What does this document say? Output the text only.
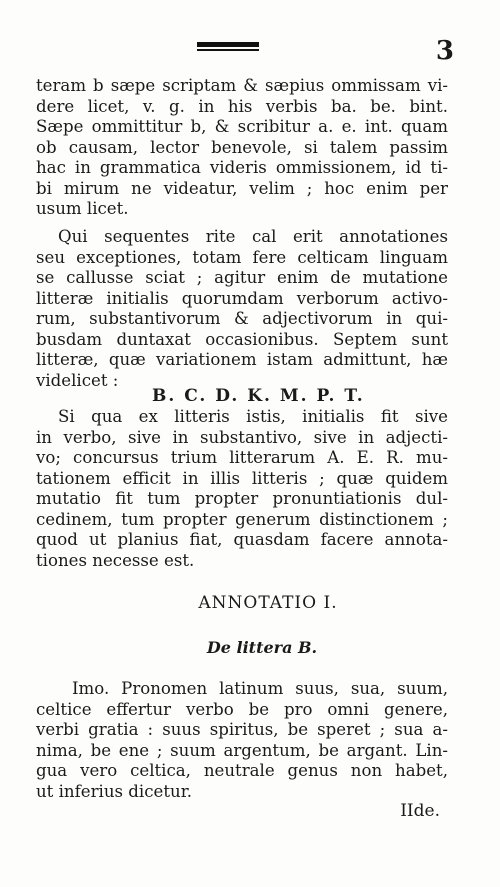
3
teram b sæpe scriptam & sæpius ommissam vi-
dere licet, v. g. in his verbis ba. be. bint.
Sæpe ommittitur b, & scribitur a. e. int. quam
ob causam, lector benevole, si talem passim
hac in grammatica videris ommissionem, id ti-
bi mirum ne videatur, velim ; hoc enim per
usum licet.
Qui sequentes rite cal erit annotationes
seu exceptiones, totam fere celticam linguam
se callusse sciat ; agitur enim de mutatione
litteræ initialis quorumdam verborum activo-
rum, substantivorum & adjectivorum in qui-
busdam duntaxat occasionibus. Septem sunt
litteræ, quæ variationem istam admittunt, hæ
videlicet :
B. C. D. K. M. P. T.
Si qua ex litteris istis, initialis fit sive
in verbo, sive in substantivo, sive in adjecti-
vo; concursus trium litterarum A. E. R. mu-
tationem efficit in illis litteris ; quæ quidem
mutatio fit tum propter pronuntiationis dul-
cedinem, tum propter generum distinctionem ;
quod ut planius fiat, quasdam facere annota-
tiones necesse est.
ANNOTATIO I.
De littera B.
Imo. Pronomen latinum suus, sua, suum,
celtice effertur verbo be pro omni genere,
verbi gratia : suus spiritus, be speret ; sua a-
nima, be ene ; suum argentum, be argant. Lin-
gua vero celtica, neutrale genus non habet,
ut inferius dicetur.
IIde.
